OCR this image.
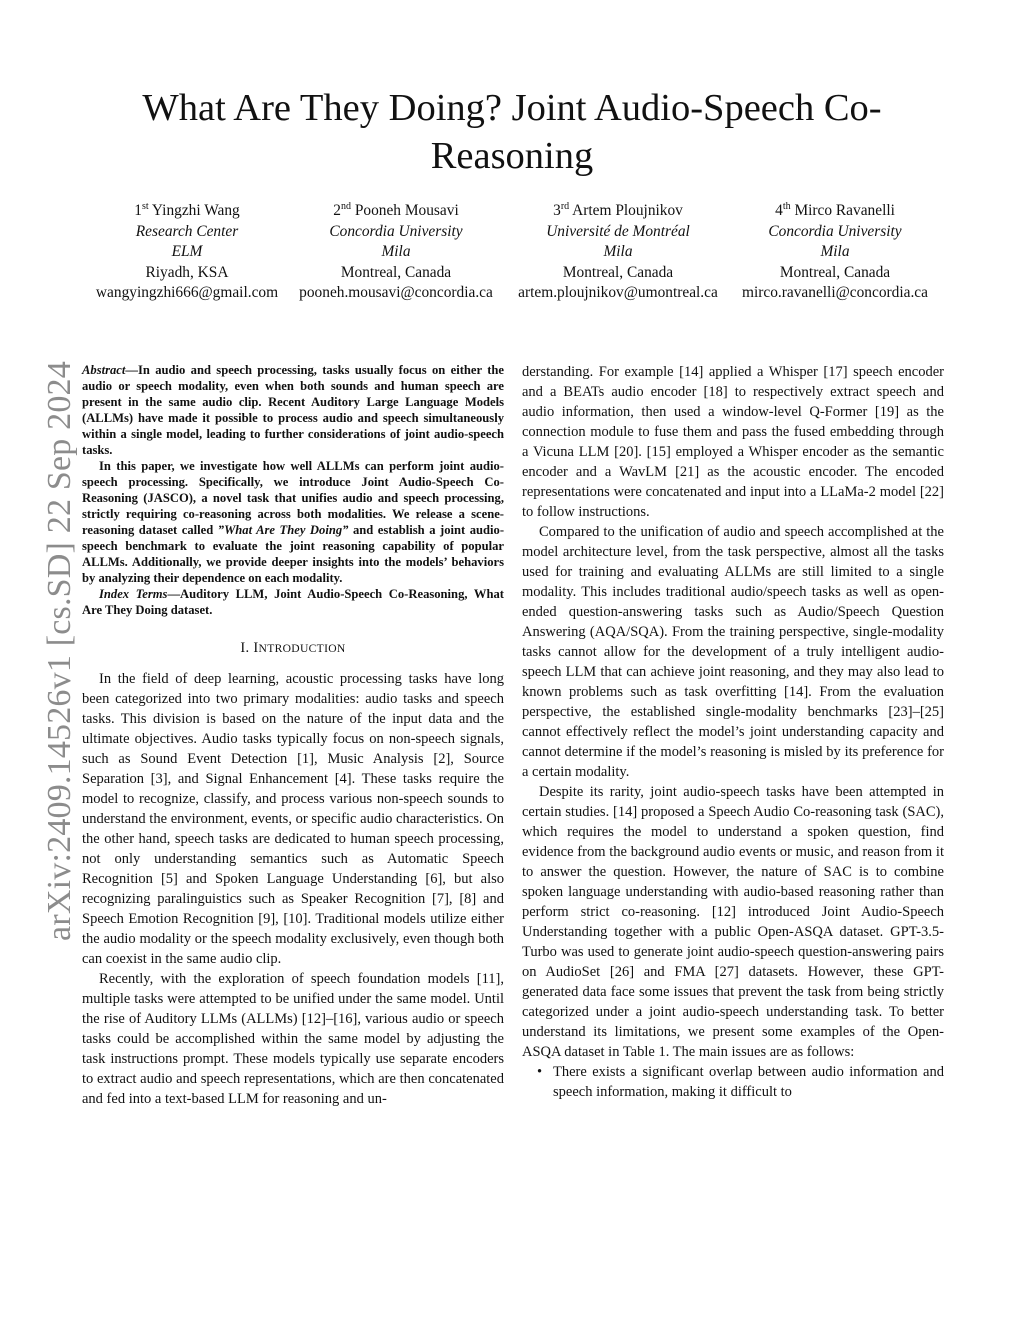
What Are They Doing? Joint Audio-Speech Co-Reasoning
1st Yingzhi Wang
Research Center
ELM
Riyadh, KSA
wangyingzhi666@gmail.com
2nd Pooneh Mousavi
Concordia University
Mila
Montreal, Canada
pooneh.mousavi@concordia.ca
3rd Artem Ploujnikov
Université de Montréal
Mila
Montreal, Canada
artem.ploujnikov@umontreal.ca
4th Mirco Ravanelli
Concordia University
Mila
Montreal, Canada
mirco.ravanelli@concordia.ca
arXiv:2409.14526v1 [cs.SD] 22 Sep 2024 Abstract—In audio and speech processing, tasks usually focus on either the audio or speech modality, even when both sounds and human speech are present in the same audio clip. Recent Auditory Large Language Models (ALLMs) have made it possible to process audio and speech simultaneously within a single model, leading to further considerations of joint audio-speech tasks.

In this paper, we investigate how well ALLMs can perform joint audio-speech processing. Specifically, we introduce Joint Audio-Speech Co-Reasoning (JASCO), a novel task that unifies audio and speech processing, strictly requiring co-reasoning across both modalities. We release a scene-reasoning dataset called ”What Are They Doing” and establish a joint audio-speech benchmark to evaluate the joint reasoning capability of popular ALLMs. Additionally, we provide deeper insights into the models’ behaviors by analyzing their dependence on each modality.

Index Terms—Auditory LLM, Joint Audio-Speech Co-Reasoning, What Are They Doing dataset.

I. INTRODUCTION

In the field of deep learning, acoustic processing tasks have long been categorized into two primary modalities: audio tasks and speech tasks. This division is based on the nature of the input data and the ultimate objectives. Audio tasks typically focus on non-speech signals, such as Sound Event Detection [1], Music Analysis [2], Source Separation [3], and Signal Enhancement [4]. These tasks require the model to recognize, classify, and process various non-speech sounds to understand the environment, events, or specific audio characteristics. On the other hand, speech tasks are dedicated to human speech processing, not only understanding semantics such as Automatic Speech Recognition [5] and Spoken Language Understanding [6], but also recognizing paralinguistics such as Speaker Recognition [7], [8] and Speech Emotion Recognition [9], [10]. Traditional models utilize either the audio modality or the speech modality exclusively, even though both can coexist in the same audio clip.

Recently, with the exploration of speech foundation models [11], multiple tasks were attempted to be unified under the same model. Until the rise of Auditory LLMs (ALLMs) [12]–[16], various audio or speech tasks could be accomplished within the same model by adjusting the task instructions prompt. These models typically use separate encoders to extract audio and speech representations, which are then concatenated and fed into a text-based LLM for reasoning and un-

derstanding. For example [14] applied a Whisper [17] speech encoder and a BEATs audio encoder [18] to respectively extract speech and audio information, then used a window-level Q-Former [19] as the connection module to fuse them and pass the fused embedding through a Vicuna LLM [20]. [15] employed a Whisper encoder as the semantic encoder and a WavLM [21] as the acoustic encoder. The encoded representations were concatenated and input into a LLaMa-2 model [22] to follow instructions.

Compared to the unification of audio and speech accomplished at the model architecture level, from the task perspective, almost all the tasks used for training and evaluating ALLMs are still limited to a single modality. This includes traditional audio/speech tasks as well as open-ended question-answering tasks such as Audio/Speech Question Answering (AQA/SQA). From the training perspective, single-modality tasks cannot allow for the development of a truly intelligent audio-speech LLM that can achieve joint reasoning, and they may also lead to known problems such as task overfitting [14]. From the evaluation perspective, the established single-modality benchmarks [23]–[25] cannot effectively reflect the model’s joint understanding capacity and cannot determine if the model’s reasoning is misled by its preference for a certain modality.

Despite its rarity, joint audio-speech tasks have been attempted in certain studies. [14] proposed a Speech Audio Co-reasoning task (SAC), which requires the model to understand a spoken question, find evidence from the background audio events or music, and reason from it to answer the question. However, the nature of SAC is to combine spoken language understanding with audio-based reasoning rather than perform strict co-reasoning. [12] introduced Joint Audio-Speech Understanding together with a public Open-ASQA dataset. GPT-3.5-Turbo was used to generate joint audio-speech question-answering pairs on AudioSet [26] and FMA [27] datasets. However, these GPT-generated data face some issues that prevent the task from being strictly categorized under a joint audio-speech understanding task. To better understand its limitations, we present some examples of the Open-ASQA dataset in Table 1. The main issues are as follows:

• There exists a significant overlap between audio information and speech information, making it difficult to
